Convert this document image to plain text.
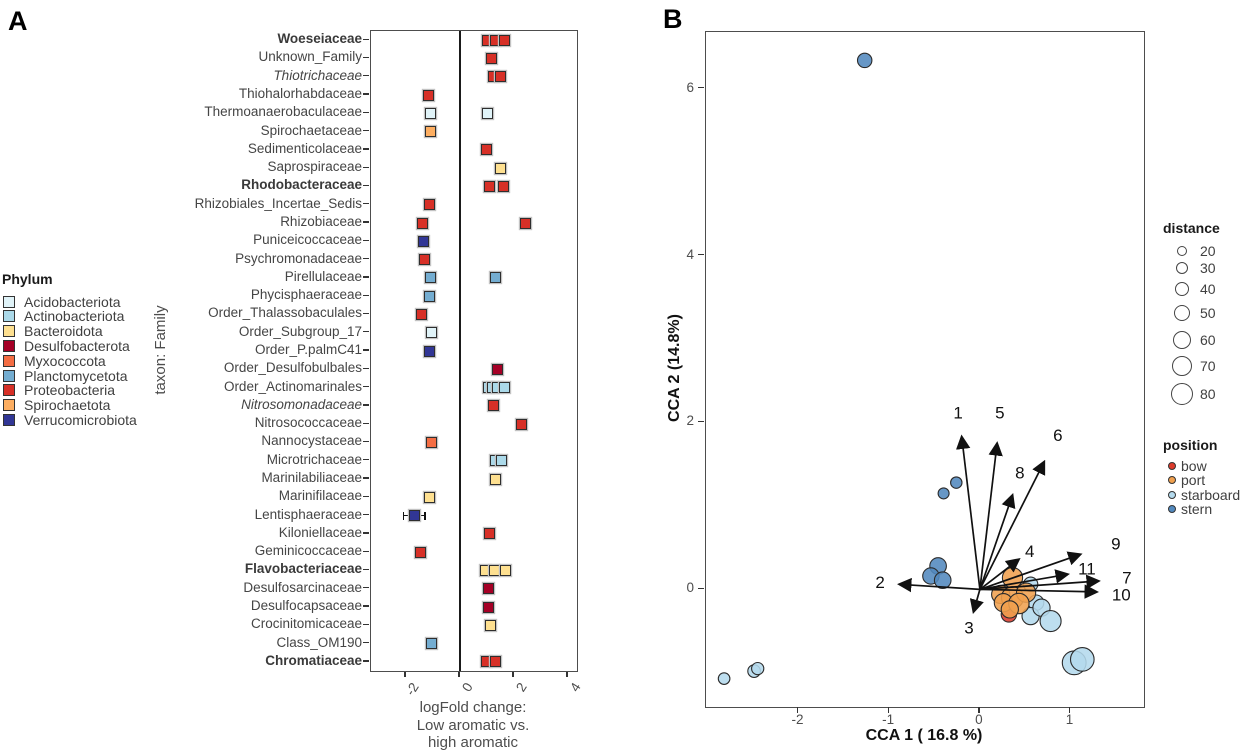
A	B
Phylum
Acidobacteriota
Actinobacteriota
Bacteroidota
Desulfobacterota
Myxococcota
Planctomycetota
Proteobacteria
Spirochaetota
Verrucomicrobiota
taxon: Family
Woeseiaceae
Unknown_Family
Thiotrichaceae
Thiohalorhabdaceae
Thermoanaerobaculaceae
Spirochaetaceae
Sedimenticolaceae
Saprospiraceae
Rhodobacteraceae
Rhizobiales_Incertae_Sedis
Rhizobiaceae
Puniceicoccaceae
Psychromonadaceae
Pirellulaceae
Phycisphaeraceae
Order_Thalassobaculales
Order_Subgroup_17
Order_P.palmC41
Order_Desulfobulbales
Order_Actinomarinales
Nitrosomonadaceae
Nitrosococcaceae
Nannocystaceae
Microtrichaceae
Marinilabiliaceae
Marinifilaceae
Lentisphaeraceae
Kiloniellaceae
Geminicoccaceae
Flavobacteriaceae
Desulfosarcinaceae
Desulfocapsaceae
Crocinitomicaceae
Class_OM190
Chromatiaceae
-2	0	2	4
logFold change:
Low aromatic vs.
high aromatic
1
2
3
4
5
6
7
8
9
10
11
-2	-1	0	1
0
2
4
6
CCA 1 ( 16.8 %)
CCA 2 (14.8%)
distance
20
30
40
50
60
70
80
position
bow
port
starboard
stern
